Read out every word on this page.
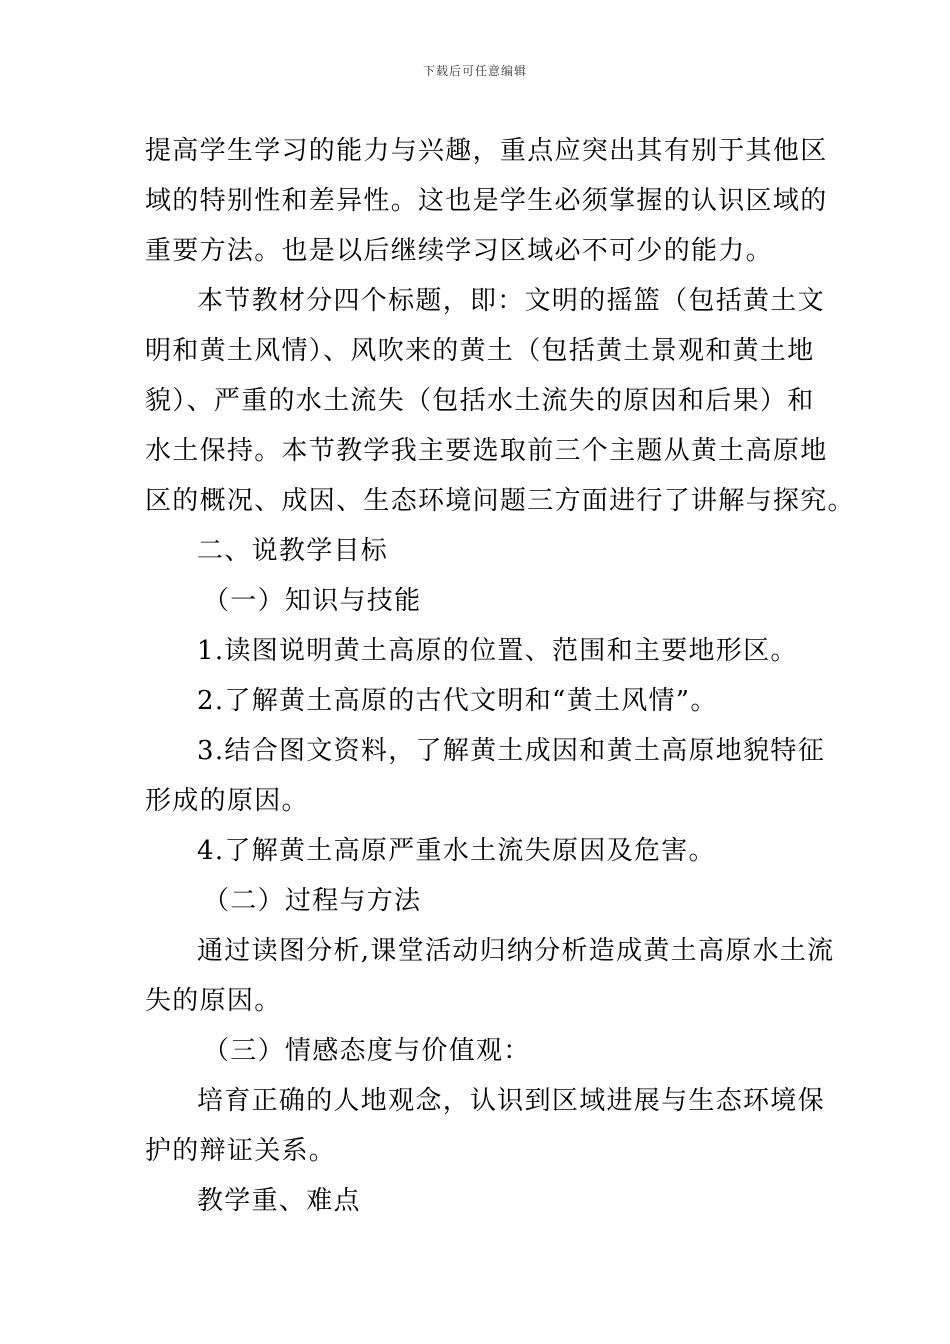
下载后可任意编辑
提高学生学习的能力与兴趣，重点应突出其有别于其他区
域的特别性和差异性。这也是学生必须掌握的认识区域的
重要方法。也是以后继续学习区域必不可少的能力。
本节教材分四个标题，即：文明的摇篮（包括黄土文
明和黄土风情）、风吹来的黄土（包括黄土景观和黄土地
貌）、严重的水土流失（包括水土流失的原因和后果）和
水土保持。本节教学我主要选取前三个主题从黄土高原地
区的概况、成因、生态环境问题三方面进行了讲解与探究。
二、说教学目标
（一）知识与技能
1.读图说明黄土高原的位置、范围和主要地形区。
2.了解黄土高原的古代文明和“黄土风情”。
3.结合图文资料，了解黄土成因和黄土高原地貌特征
形成的原因。
4.了解黄土高原严重水土流失原因及危害。
（二）过程与方法
通过读图分析,课堂活动归纳分析造成黄土高原水土流
失的原因。
（三）情感态度与价值观：
培育正确的人地观念，认识到区域进展与生态环境保
护的辩证关系。
教学重、难点
